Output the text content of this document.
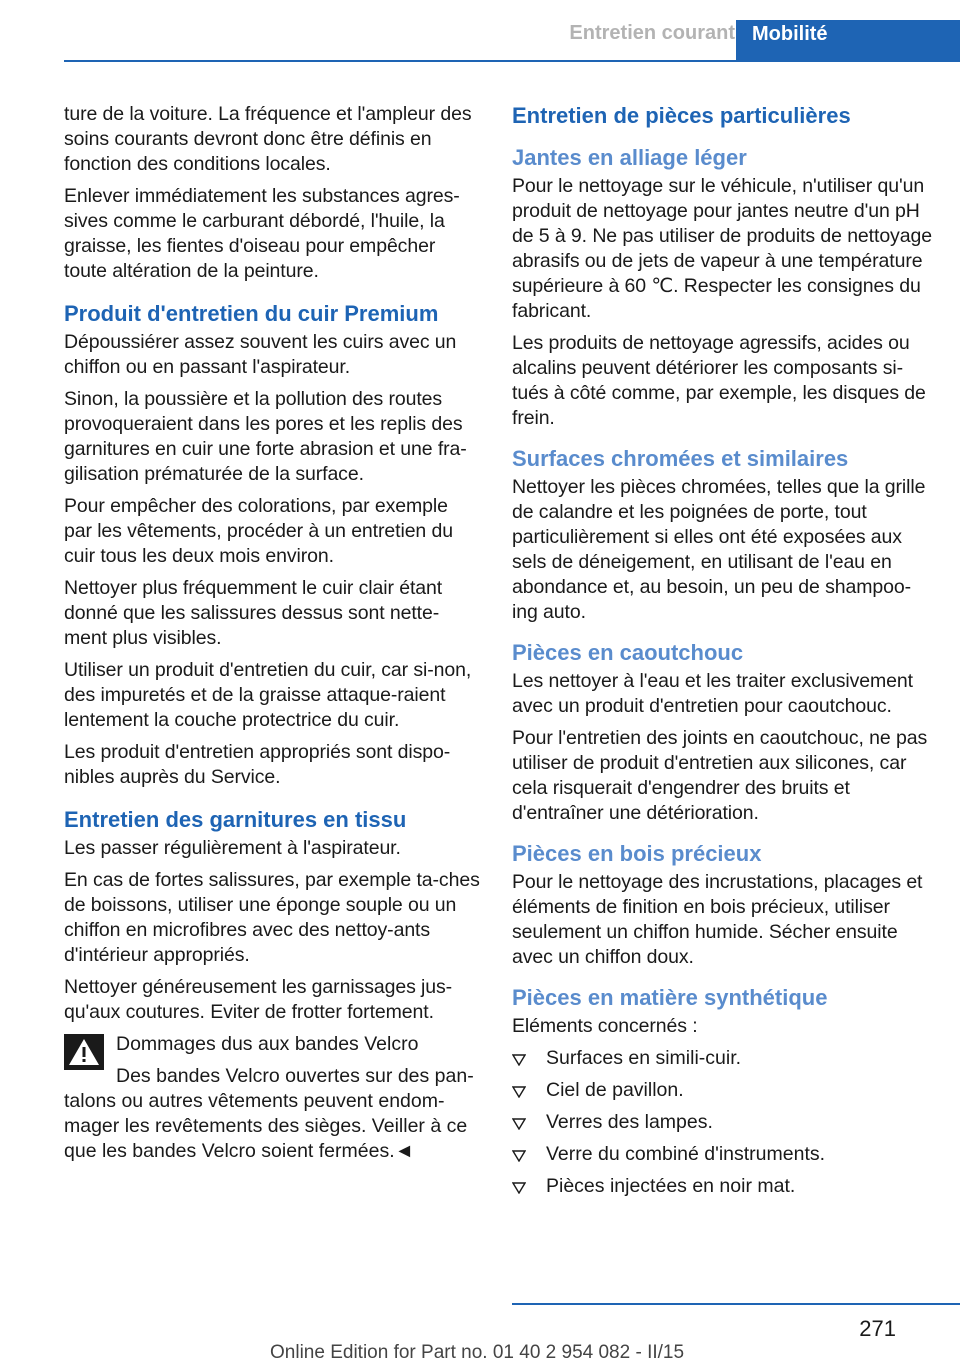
Entretien courant Mobilité

ture de la voiture. La fréquence et l'ampleur des soins courants devront donc être définis en fonction des conditions locales.

Enlever immédiatement les substances agres‐sives comme le carburant débordé, l'huile, la graisse, les fientes d'oiseau pour empêcher toute altération de la peinture.

Produit d'entretien du cuir Premium

Dépoussiérer assez souvent les cuirs avec un chiffon ou en passant l'aspirateur.

Sinon, la poussière et la pollution des routes provoqueraient dans les pores et les replis des garnitures en cuir une forte abrasion et une fra‐gilisation prématurée de la surface.

Pour empêcher des colorations, par exemple par les vêtements, procéder à un entretien du cuir tous les deux mois environ.

Nettoyer plus fréquemment le cuir clair étant donné que les salissures dessus sont nette‐ment plus visibles.

Utiliser un produit d'entretien du cuir, car si‐non, des impuretés et de la graisse attaque‐raient lentement la couche protectrice du cuir.

Les produit d'entretien appropriés sont dispo‐nibles auprès du Service.

Entretien des garnitures en tissu

Les passer régulièrement à l'aspirateur.

En cas de fortes salissures, par exemple ta‐ches de boissons, utiliser une éponge souple ou un chiffon en microfibres avec des nettoy‐ants d'intérieur appropriés.

Nettoyer généreusement les garnissages jus‐qu'aux coutures. Eviter de frotter fortement.

Dommages dus aux bandes Velcro
Des bandes Velcro ouvertes sur des pan‐talons ou autres vêtements peuvent endom‐mager les revêtements des sièges. Veiller à ce que les bandes Velcro soient fermées.◄
Entretien de pièces particulières
Jantes en alliage léger

Pour le nettoyage sur le véhicule, n'utiliser qu'un produit de nettoyage pour jantes neutre d'un pH de 5 à 9. Ne pas utiliser de produits de nettoyage abrasifs ou de jets de vapeur à une température supérieure à 60 ℃. Respecter les consignes du fabricant.

Les produits de nettoyage agressifs, acides ou alcalins peuvent détériorer les composants si‐tués à côté comme, par exemple, les disques de frein.

Surfaces chromées et similaires

Nettoyer les pièces chromées, telles que la grille de calandre et les poignées de porte, tout particulièrement si elles ont été exposées aux sels de déneigement, en utilisant de l'eau en abondance et, au besoin, un peu de shampoo‐ing auto.

Pièces en caoutchouc

Les nettoyer à l'eau et les traiter exclusivement avec un produit d'entretien pour caoutchouc.

Pour l'entretien des joints en caoutchouc, ne pas utiliser de produit d'entretien aux silicones, car cela risquerait d'engendrer des bruits et d'entraîner une détérioration.

Pièces en bois précieux

Pour le nettoyage des incrustations, placages et éléments de finition en bois précieux, utiliser seulement un chiffon humide. Sécher ensuite avec un chiffon doux.

Pièces en matière synthétique

Eléments concernés :

Surfaces en simili-cuir.
Ciel de pavillon.
Verres des lampes.
Verre du combiné d'instruments.
Pièces injectées en noir mat.
271
Online Edition for Part no. 01 40 2 954 082 - II/15
